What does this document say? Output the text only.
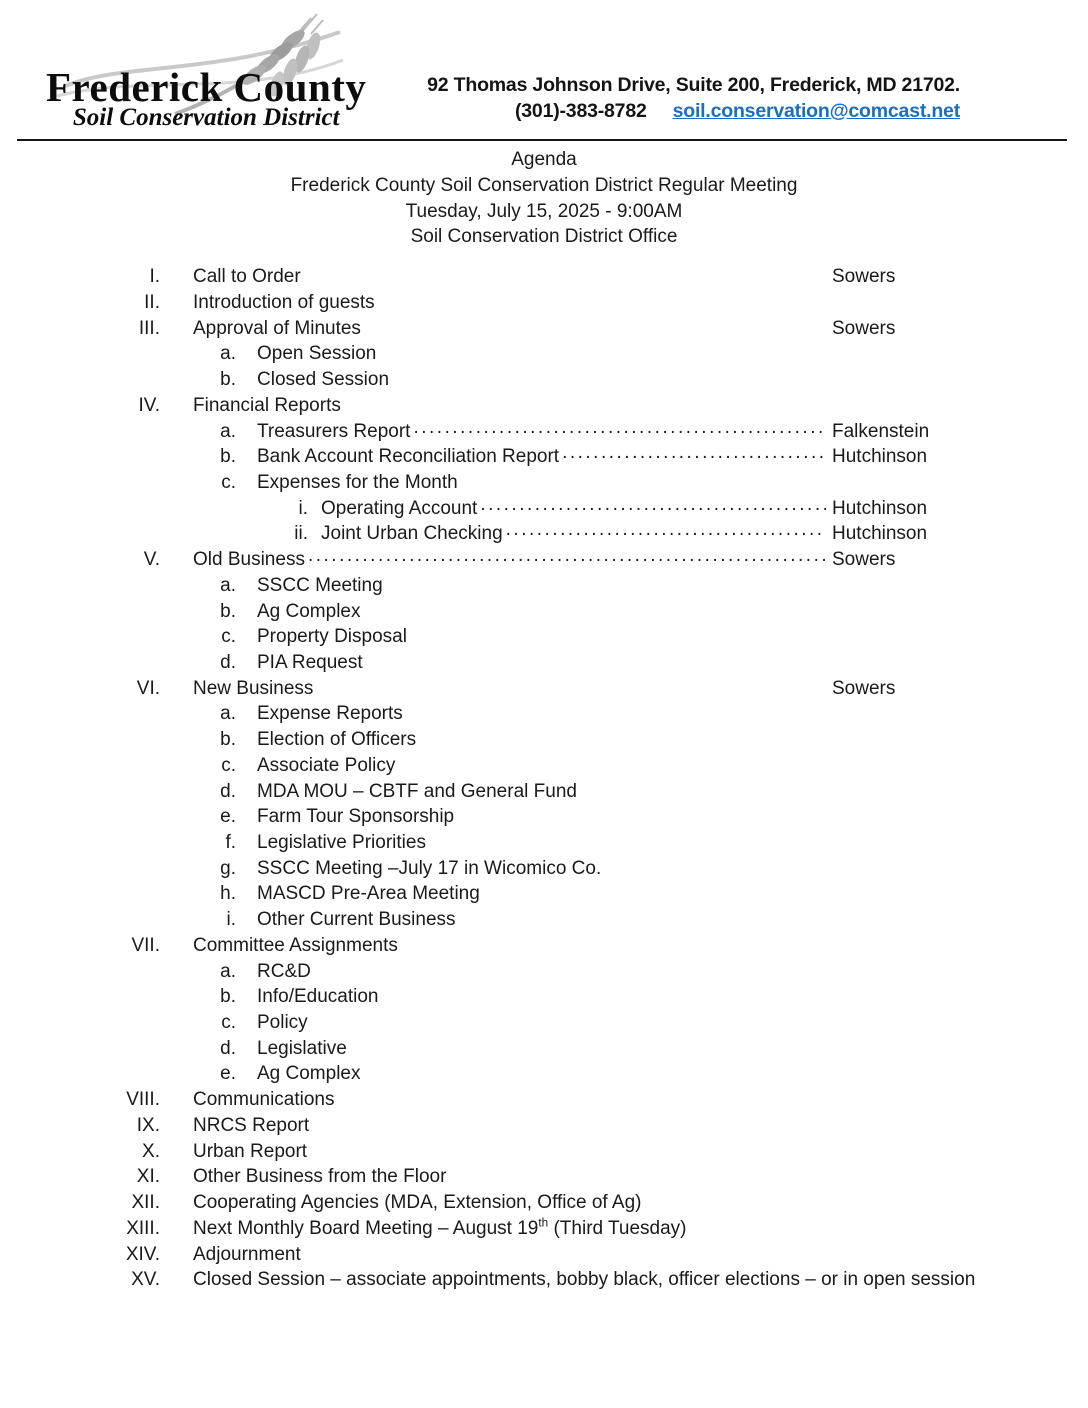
Frederick County
Soil Conservation District
92 Thomas Johnson Drive, Suite 200, Frederick, MD 21702.
(301)-383-8782 soil.conservation@comcast.net
Agenda
Frederick County Soil Conservation District Regular Meeting
Tuesday, July 15, 2025 - 9:00AM
Soil Conservation District Office
I. Call to Order	Sowers
II. Introduction of guests
III. Approval of Minutes	Sowers
a. Open Session
b. Closed Session
IV. Financial Reports
a. Treasurers Report .....	Falkenstein
b. Bank Account Reconciliation Report .....	Hutchinson
c. Expenses for the Month
i. Operating Account .....	Hutchinson
ii. Joint Urban Checking .....	Hutchinson
V. Old Business .....	Sowers
a. SSCC Meeting
b. Ag Complex
c. Property Disposal
d. PIA Request
VI. New Business	Sowers
a. Expense Reports
b. Election of Officers
c. Associate Policy
d. MDA MOU – CBTF and General Fund
e. Farm Tour Sponsorship
f. Legislative Priorities
g. SSCC Meeting –July 17 in Wicomico Co.
h. MASCD Pre-Area Meeting
i. Other Current Business
VII. Committee Assignments
a. RC&D
b. Info/Education
c. Policy
d. Legislative
e. Ag Complex
VIII. Communications
IX. NRCS Report
X. Urban Report
XI. Other Business from the Floor
XII. Cooperating Agencies (MDA, Extension, Office of Ag)
XIII. Next Monthly Board Meeting – August 19th (Third Tuesday)
XIV. Adjournment
XV. Closed Session – associate appointments, bobby black, officer elections – or in open session
